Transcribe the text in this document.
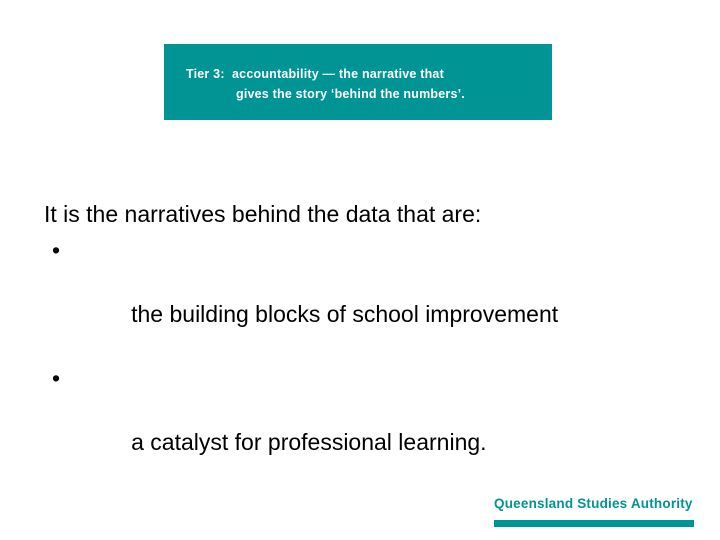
Tier 3:  accountability — the narrative that
gives the story ‘behind the numbers’.
It is the narratives behind the data that are:

•

the building blocks of school improvement

•

a catalyst for professional learning.

Queensland Studies Authority
